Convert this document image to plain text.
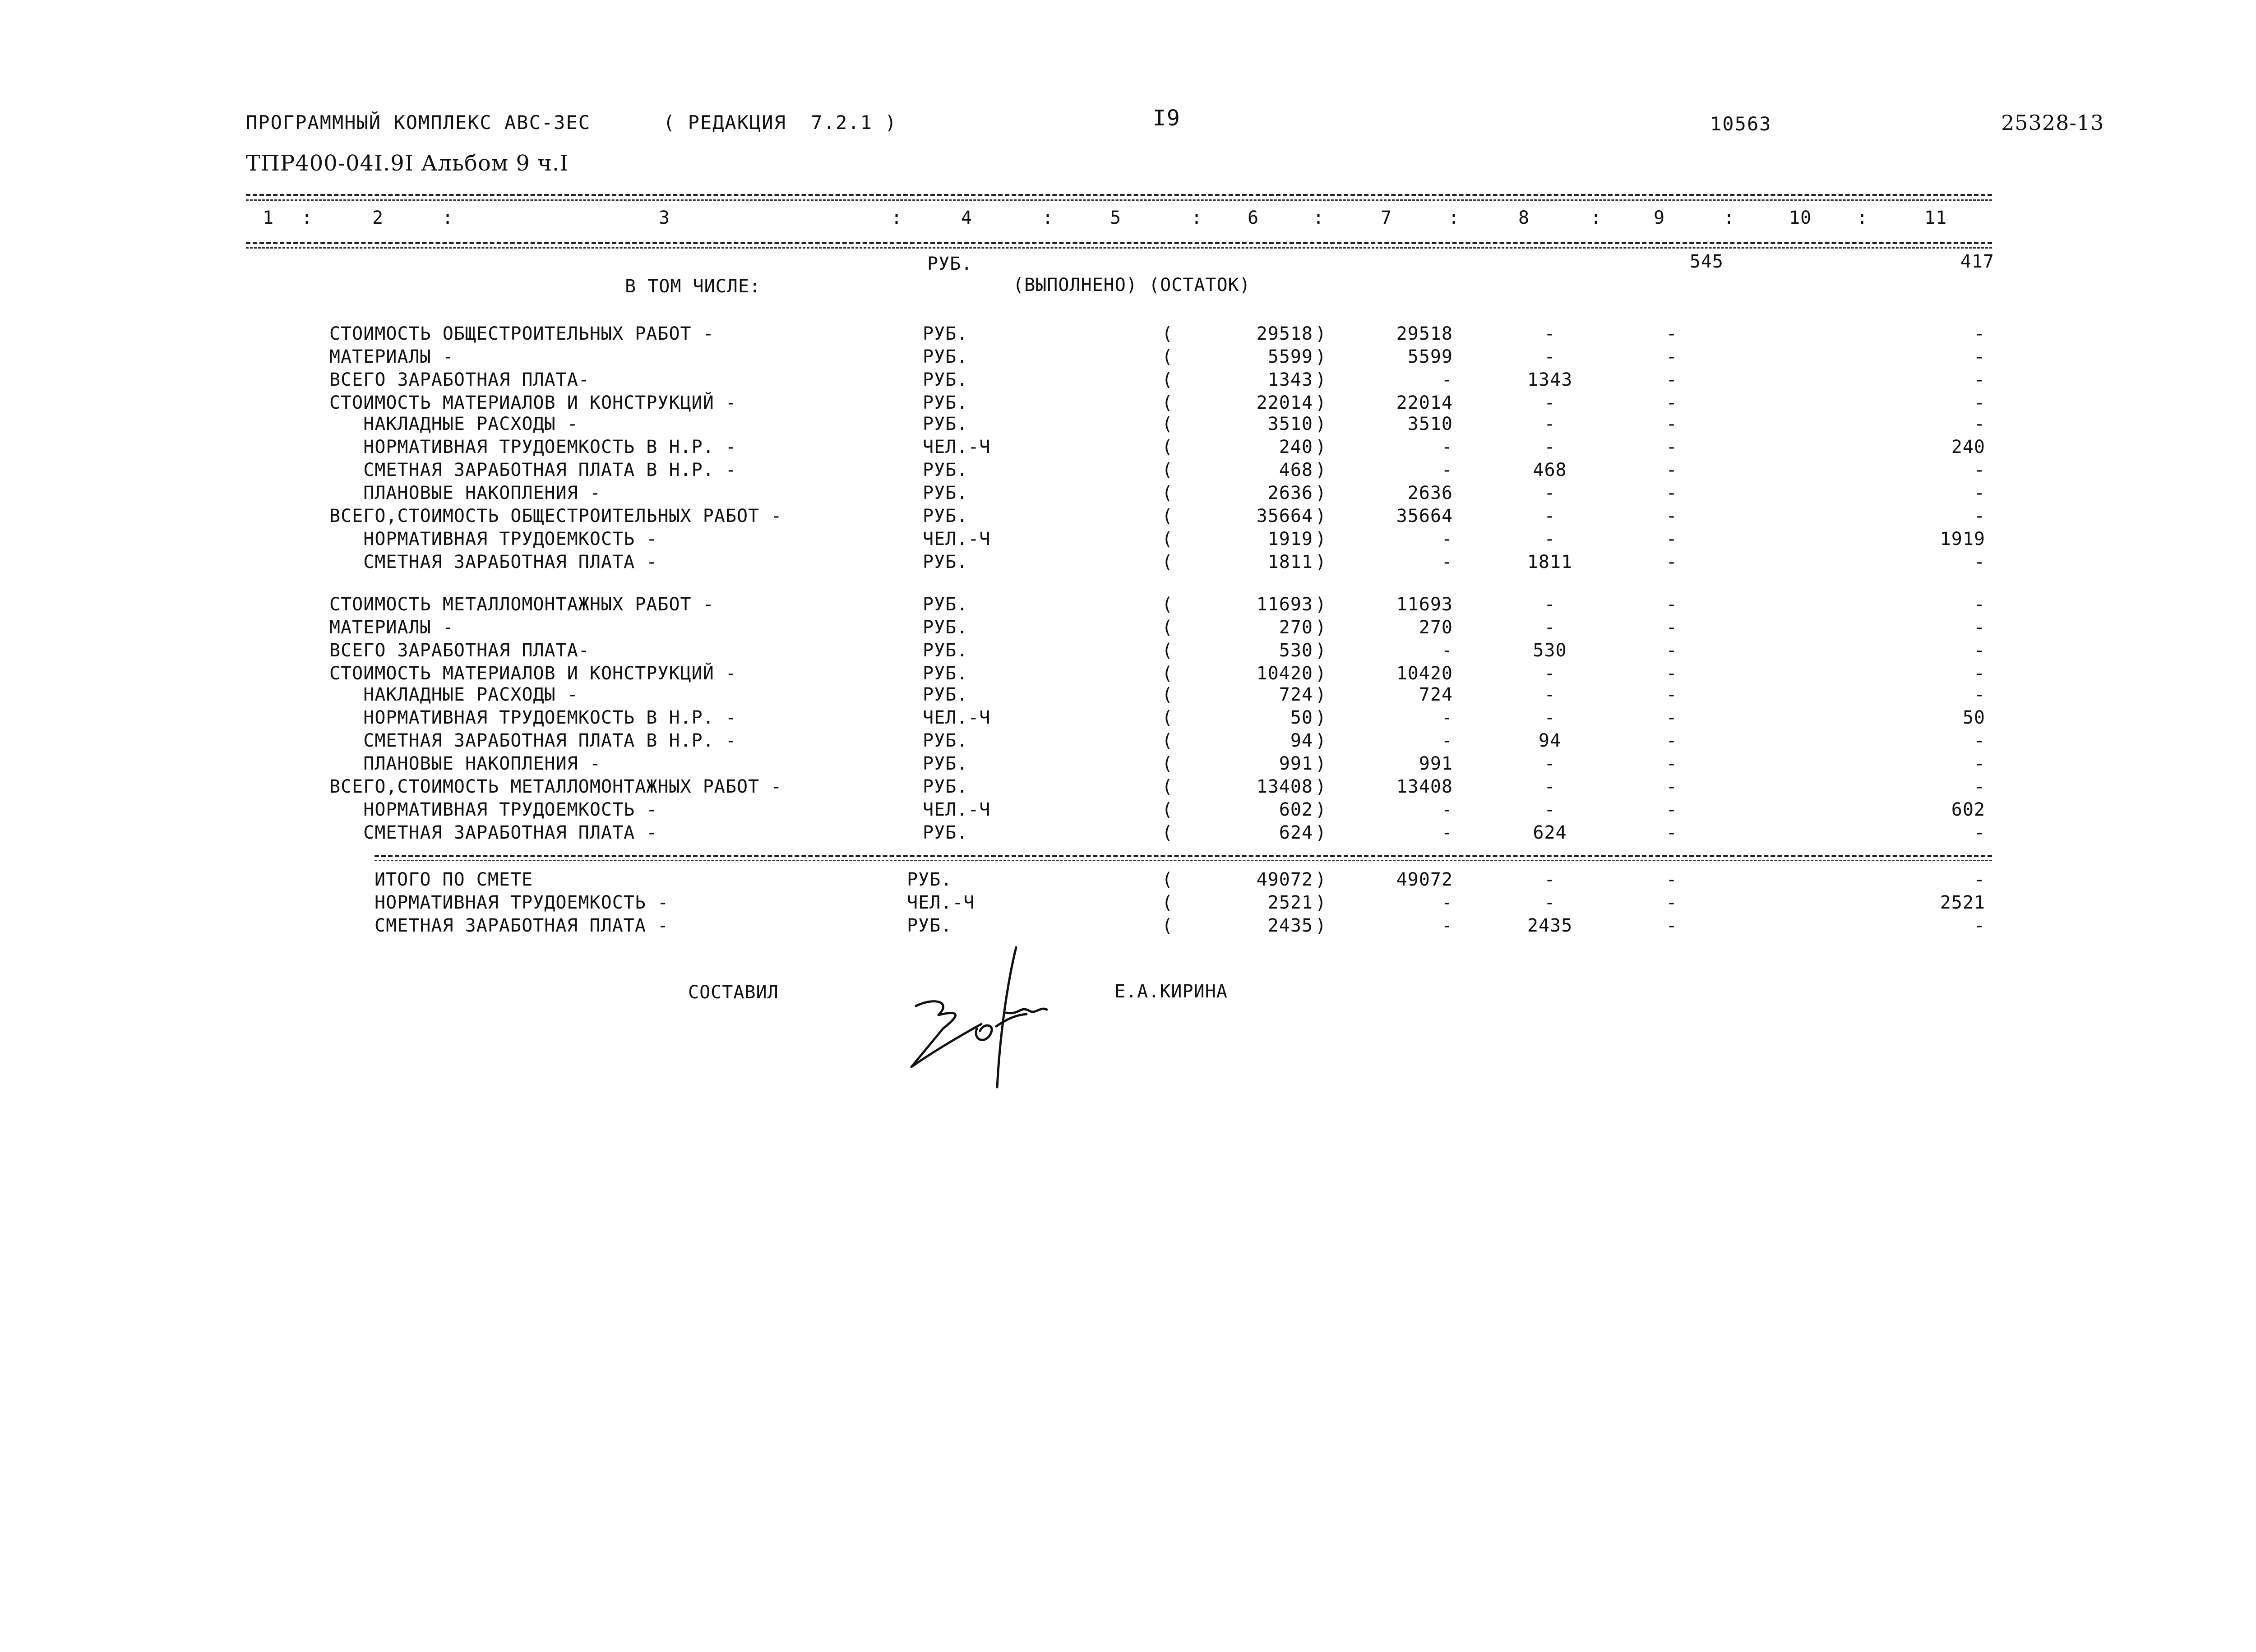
ПРОГРАММНЫЙ КОМПЛЕКС АВС-3ЕС	( РЕДАКЦИЯ  7.2.1 )	I9	10563	25328-13
ТПР400-04I.9I Альбом 9 ч.I
1 :	2	:	3	:	4	:	5	: 6	:	7	:	8	:	9	:	10 :	11
РУБ.	545	417
В ТОМ ЧИСЛЕ:	(ВЫПОЛНЕНО) (ОСТАТОК)
СТОИМОСТЬ ОБЩЕСТРОИТЕЛЬНЫХ РАБОТ -	РУБ.	(	29518 )	29518	-	-	-
МАТЕРИАЛЫ -	РУБ.	(	5599 )	5599	-	-	-
ВСЕГО ЗАРАБОТНАЯ ПЛАТА-	РУБ.	(	1343 )	-	1343	-	-
СТОИМОСТЬ МАТЕРИАЛОВ И КОНСТРУКЦИЙ -	РУБ.	(	22014 )	22014	-	-	-
НАКЛАДНЫЕ РАСХОДЫ -	РУБ.	(	3510 )	3510	-	-	-
НОРМАТИВНАЯ ТРУДОЕМКОСТЬ В Н.Р. -	ЧЕЛ.-Ч	(	240 )	-	-	-	240
СМЕТНАЯ ЗАРАБОТНАЯ ПЛАТА В Н.Р. -	РУБ.	(	468 )	-	468	-	-
ПЛАНОВЫЕ НАКОПЛЕНИЯ -	РУБ.	(	2636 )	2636	-	-	-
ВСЕГО,СТОИМОСТЬ ОБЩЕСТРОИТЕЛЬНЫХ РАБОТ -	РУБ.	(	35664 )	35664	-	-	-
НОРМАТИВНАЯ ТРУДОЕМКОСТЬ -	ЧЕЛ.-Ч	(	1919 )	-	-	-	1919
СМЕТНАЯ ЗАРАБОТНАЯ ПЛАТА -	РУБ.	(	1811 )	-	1811	-	-
СТОИМОСТЬ МЕТАЛЛОМОНТАЖНЫХ РАБОТ -	РУБ.	(	11693 )	11693	-	-	-
МАТЕРИАЛЫ -	РУБ.	(	270 )	270	-	-	-
ВСЕГО ЗАРАБОТНАЯ ПЛАТА-	РУБ.	(	530 )	-	530	-	-
СТОИМОСТЬ МАТЕРИАЛОВ И КОНСТРУКЦИЙ -	РУБ.	(	10420 )	10420	-	-	-
НАКЛАДНЫЕ РАСХОДЫ -	РУБ.	(	724 )	724	-	-	-
НОРМАТИВНАЯ ТРУДОЕМКОСТЬ В Н.Р. -	ЧЕЛ.-Ч	(	50 )	-	-	-	50
СМЕТНАЯ ЗАРАБОТНАЯ ПЛАТА В Н.Р. -	РУБ.	(	94 )	-	94	-	-
ПЛАНОВЫЕ НАКОПЛЕНИЯ -	РУБ.	(	991 )	991	-	-	-
ВСЕГО,СТОИМОСТЬ МЕТАЛЛОМОНТАЖНЫХ РАБОТ -	РУБ.	(	13408 )	13408	-	-	-
НОРМАТИВНАЯ ТРУДОЕМКОСТЬ -	ЧЕЛ.-Ч	(	602 )	-	-	-	602
СМЕТНАЯ ЗАРАБОТНАЯ ПЛАТА -	РУБ.	(	624 )	-	624	-	-
ИТОГО ПО СМЕТЕ	РУБ.	(	49072 )	49072	-	-	-
НОРМАТИВНАЯ ТРУДОЕМКОСТЬ -	ЧЕЛ.-Ч	(	2521 )	-	-	-	2521
СМЕТНАЯ ЗАРАБОТНАЯ ПЛАТА -	РУБ.	(	2435 )	-	2435	-	-
СОСТАВИЛ	Е.А.КИРИНА
